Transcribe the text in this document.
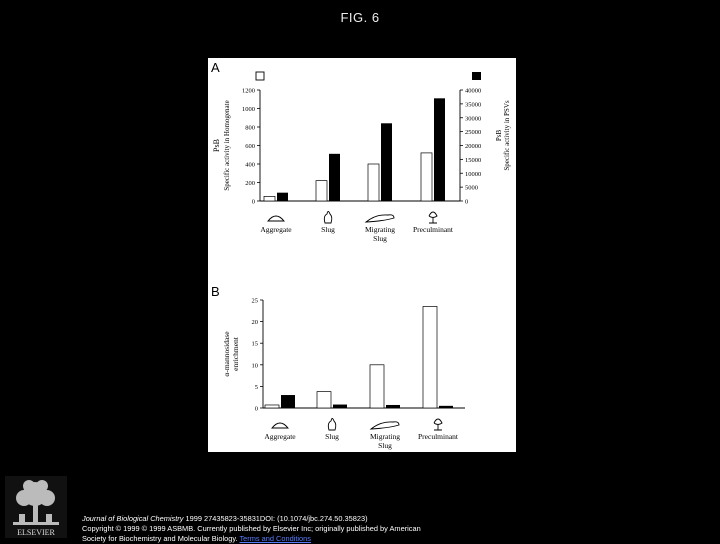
FIG. 6
A
0
200
400
600
800
1000
1200
0
5000
10000
15000
20000
25000
30000
35000
40000
PsB Specific activity in Homogenate	PsB Specific activity in PSVs
Aggregate	Slug	Migrating
Slug
Preculminant
B
0
5
10
15
20
25
α-mannosidase enrichment
Aggregate	Slug	Migrating
Slug
Preculminant
ELSEVIER
Journal of Biological Chemistry 1999 27435823-35831DOI: (10.1074/jbc.274.50.35823)
Copyright © 1999 © 1999 ASBMB. Currently published by Elsevier Inc; originally published by American
Society for Biochemistry and Molecular Biology. Terms and Conditions
